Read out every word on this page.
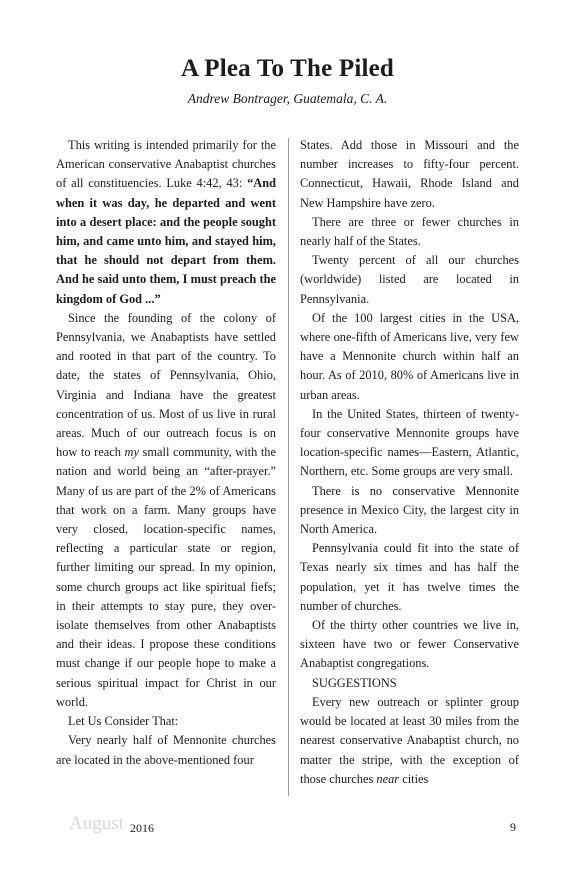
A Plea To The Piled
Andrew Bontrager, Guatemala, C. A.

This writing is intended primarily for the American conservative Anabaptist churches of all constituencies. Luke 4:42, 43: “And when it was day, he departed and went into a desert place: and the people sought him, and came unto him, and stayed him, that he should not depart from them. And he said unto them, I must preach the kingdom of God ...”

Since the founding of the colony of Pennsylvania, we Anabaptists have settled and rooted in that part of the country. To date, the states of Pennsylvania, Ohio, Virginia and Indiana have the greatest concentration of us. Most of us live in rural areas. Much of our outreach focus is on how to reach my small community, with the nation and world being an “after-prayer.” Many of us are part of the 2% of Americans that work on a farm. Many groups have very closed, location-specific names, reflecting a particular state or region, further limiting our spread. In my opinion, some church groups act like spiritual fiefs; in their attempts to stay pure, they over-isolate themselves from other Anabaptists and their ideas. I propose these conditions must change if our people hope to make a serious spiritual impact for Christ in our world.

Let Us Consider That:

Very nearly half of Mennonite churches are located in the above-mentioned four

States. Add those in Missouri and the number increases to fifty-four percent. Connecticut, Hawaii, Rhode Island and New Hampshire have zero.

There are three or fewer churches in nearly half of the States.

Twenty percent of all our churches (worldwide) listed are located in Pennsylvania.

Of the 100 largest cities in the USA, where one-fifth of Americans live, very few have a Mennonite church within half an hour. As of 2010, 80% of Americans live in urban areas.

In the United States, thirteen of twenty-four conservative Mennonite groups have location-specific names—Eastern, Atlantic, Northern, etc. Some groups are very small.

There is no conservative Mennonite presence in Mexico City, the largest city in North America.

Pennsylvania could fit into the state of Texas nearly six times and has half the population, yet it has twelve times the number of churches.

Of the thirty other countries we live in, sixteen have two or fewer Conservative Anabaptist congregations.

SUGGESTIONS

Every new outreach or splinter group would be located at least 30 miles from the nearest conservative Anabaptist church, no matter the stripe, with the exception of those churches near cities

August 2016	9
